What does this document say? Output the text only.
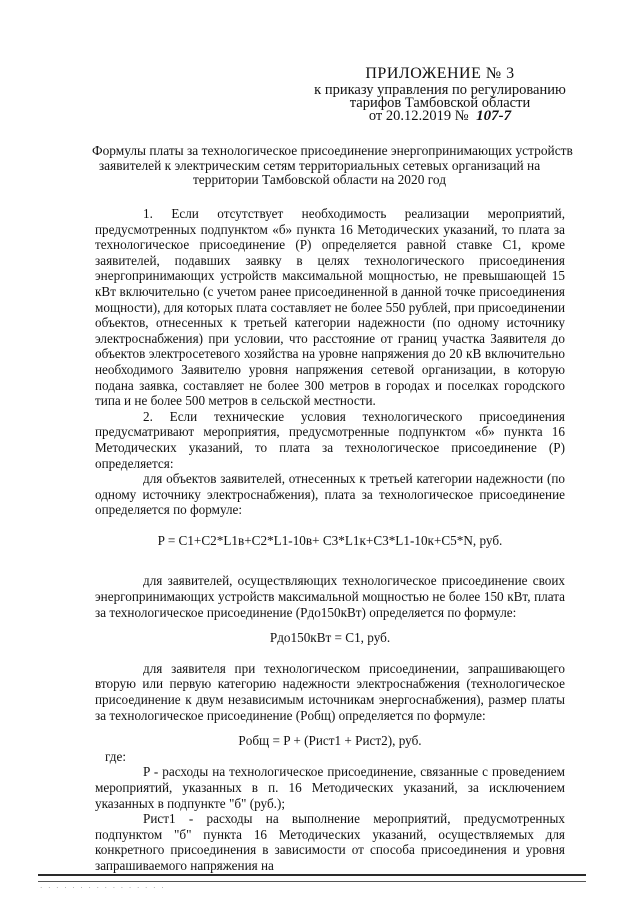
ПРИЛОЖЕНИЕ № 3
к приказу управления по регулированию
тарифов Тамбовской области
от 20.12.2019 № 107-7
Формулы платы за технологическое присоединение энергопринимающих устройств
заявителей к электрическим сетям территориальных сетевых организаций на
территории Тамбовской области на 2020 год

1. Если отсутствует необходимость реализации мероприятий, предусмотренных подпунктом «б» пункта 16 Методических указаний, то плата за технологическое присоединение (P) определяется равной ставке C1, кроме заявителей, подавших заявку в целях технологического присоединения энергопринимающих устройств максимальной мощностью, не превышающей 15 кВт включительно (с учетом ранее присоединенной в данной точке присоединения мощности), для которых плата составляет не более 550 рублей, при присоединении объектов, отнесенных к третьей категории надежности (по одному источнику электроснабжения) при условии, что расстояние от границ участка Заявителя до объектов электросетевого хозяйства на уровне напряжения до 20 кВ включительно необходимого Заявителю уровня напряжения сетевой организации, в которую подана заявка, составляет не более 300 метров в городах и поселках городского типа и не более 500 метров в сельской местности.

2. Если технические условия технологического присоединения предусматривают мероприятия, предусмотренные подпунктом «б» пункта 16 Методических указаний, то плата за технологическое присоединение (P) определяется:

для объектов заявителей, отнесенных к третьей категории надежности (по одному источнику электроснабжения), плата за технологическое присоединение определяется по формуле:

P = C1+C2*L1в+C2*L1-10в+ C3*L1к+C3*L1-10к+C5*N, руб.

для заявителей, осуществляющих технологическое присоединение своих энергопринимающих устройств максимальной мощностью не более 150 кВт, плата за технологическое присоединение (Pдо150кВт) определяется по формуле:

Pдо150кВт = C1, руб.

для заявителя при технологическом присоединении, запрашивающего вторую или первую категорию надежности электроснабжения (технологическое присоединение к двум независимым источникам энергоснабжения), размер платы за технологическое присоединение (Pобщ) определяется по формуле:

Pобщ = P + (Pист1 + Pист2), руб.

где:

P - расходы на технологическое присоединение, связанные с проведением мероприятий, указанных в п. 16 Методических указаний, за исключением указанных в подпункте "б" (руб.);

Pист1 - расходы на выполнение мероприятий, предусмотренных подпунктом "б" пункта 16 Методических указаний, осуществляемых для конкретного присоединения в зависимости от способа присоединения и уровня запрашиваемого напряжения на

· · · · · · · · · · · · · · · ·
